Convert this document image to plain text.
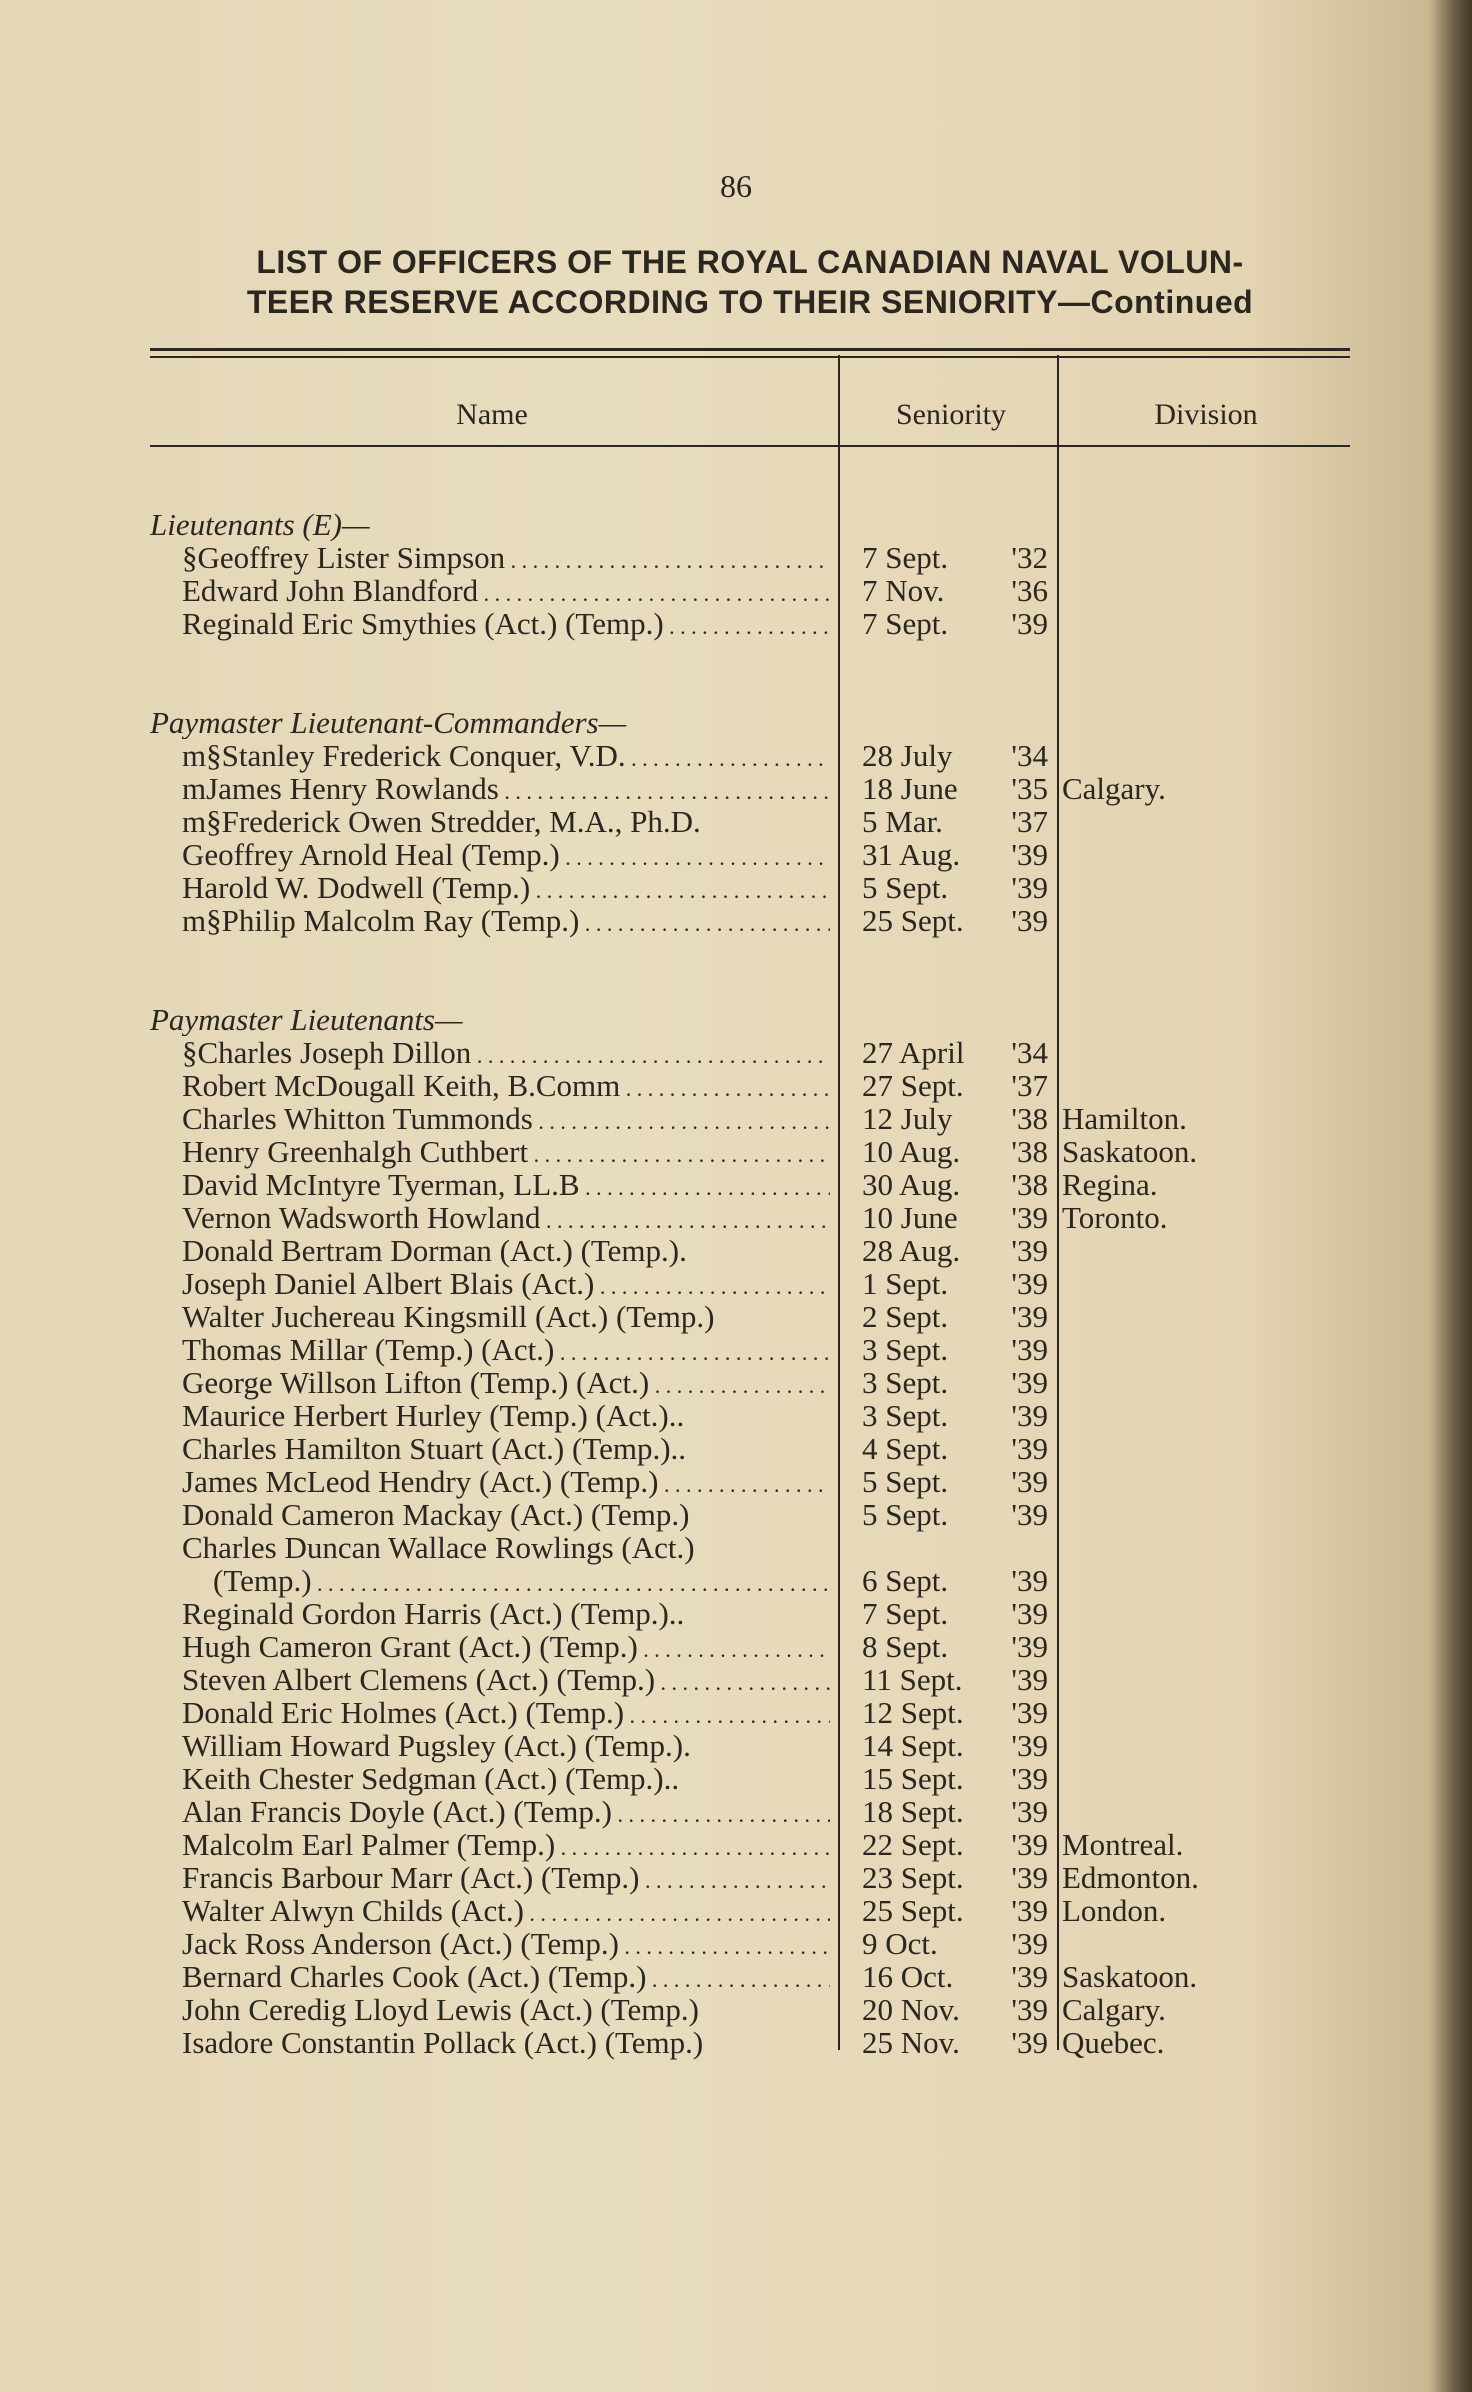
86
LIST OF OFFICERS OF THE ROYAL CANADIAN NAVAL VOLUN-
TEER RESERVE ACCORDING TO THEIR SENIORITY—Continued
Name	Seniority	Division
Lieutenants (E)—
§Geoffrey Lister Simpson . . .	7 Sept.	'32
Edward John Blandford . . .	7 Nov.	'36
Reginald Eric Smythies (Act.) (Temp.) . . .	7 Sept.	'39
Paymaster Lieutenant-Commanders—
m§Stanley Frederick Conquer, V.D. . . .	28 July	'34
mJames Henry Rowlands . . .	18 June	'35 Calgary.
m§Frederick Owen Stredder, M.A., Ph.D.	5 Mar.	'37
Geoffrey Arnold Heal (Temp.) . . .	31 Aug.	'39
Harold W. Dodwell (Temp.) . . .	5 Sept.	'39
m§Philip Malcolm Ray (Temp.) . . .	25 Sept.	'39
Paymaster Lieutenants—
§Charles Joseph Dillon . . .	27 April	'34
Robert McDougall Keith, B.Comm . . .	27 Sept.	'37
Charles Whitton Tummonds . . .	12 July	'38 Hamilton.
Henry Greenhalgh Cuthbert . . .	10 Aug.	'38 Saskatoon.
David McIntyre Tyerman, LL.B . . .	30 Aug.	'38 Regina.
Vernon Wadsworth Howland . . .	10 June	'39 Toronto.
Donald Bertram Dorman (Act.) (Temp.).	28 Aug.	'39
Joseph Daniel Albert Blais (Act.) . . .	1 Sept.	'39
Walter Juchereau Kingsmill (Act.) (Temp.)	2 Sept.	'39
Thomas Millar (Temp.) (Act.) . . .	3 Sept.	'39
George Willson Lifton (Temp.) (Act.) . . .	3 Sept.	'39
Maurice Herbert Hurley (Temp.) (Act.)..	3 Sept.	'39
Charles Hamilton Stuart (Act.) (Temp.)..	4 Sept.	'39
James McLeod Hendry (Act.) (Temp.) . . .	5 Sept.	'39
Donald Cameron Mackay (Act.) (Temp.)	5 Sept.	'39
Charles Duncan Wallace Rowlings (Act.)
(Temp.) . . .	6 Sept.	'39
Reginald Gordon Harris (Act.) (Temp.)..	7 Sept.	'39
Hugh Cameron Grant (Act.) (Temp.) . . .	8 Sept.	'39
Steven Albert Clemens (Act.) (Temp.) . . .	11 Sept.	'39
Donald Eric Holmes (Act.) (Temp.) . . .	12 Sept.	'39
William Howard Pugsley (Act.) (Temp.).	14 Sept.	'39
Keith Chester Sedgman (Act.) (Temp.)..	15 Sept.	'39
Alan Francis Doyle (Act.) (Temp.) . . .	18 Sept.	'39
Malcolm Earl Palmer (Temp.) . . .	22 Sept.	'39 Montreal.
Francis Barbour Marr (Act.) (Temp.) . . .	23 Sept.	'39 Edmonton.
Walter Alwyn Childs (Act.) . . .	25 Sept.	'39 London.
Jack Ross Anderson (Act.) (Temp.) . . .	9 Oct.	'39
Bernard Charles Cook (Act.) (Temp.) . . .	16 Oct.	'39 Saskatoon.
John Ceredig Lloyd Lewis (Act.) (Temp.)	20 Nov.	'39 Calgary.
Isadore Constantin Pollack (Act.) (Temp.)	25 Nov.	'39 Quebec.
